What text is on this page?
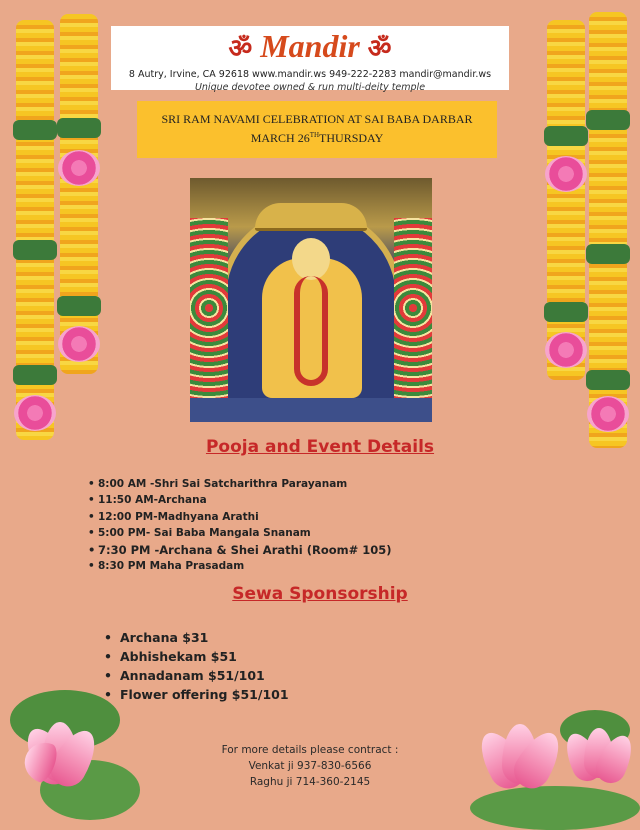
ॐ Mandir ॐ
8 Autry, Irvine, CA 92618 www.mandir.ws 949-222-2283 mandir@mandir.ws
Unique devotee owned & run multi-deity temple
SRI RAM NAVAMI CELEBRATION AT SAI BABA DARBAR
MARCH 26THTHURSDAY
Pooja and Event Details
• 8:00 AM -Shri Sai Satcharithra Parayanam
• 11:50 AM-Archana
• 12:00 PM-Madhyana Arathi
• 5:00 PM- Sai Baba Mangala Snanam
• 7:30 PM -Archana & Shei Arathi (Room# 105)
• 8:30 PM Maha Prasadam
Sewa Sponsorship
• Archana $31
• Abhishekam $51
• Annadanam $51/101
• Flower offering $51/101
For more details please contract :
Venkat ji 937-830-6566
Raghu ji 714-360-2145
